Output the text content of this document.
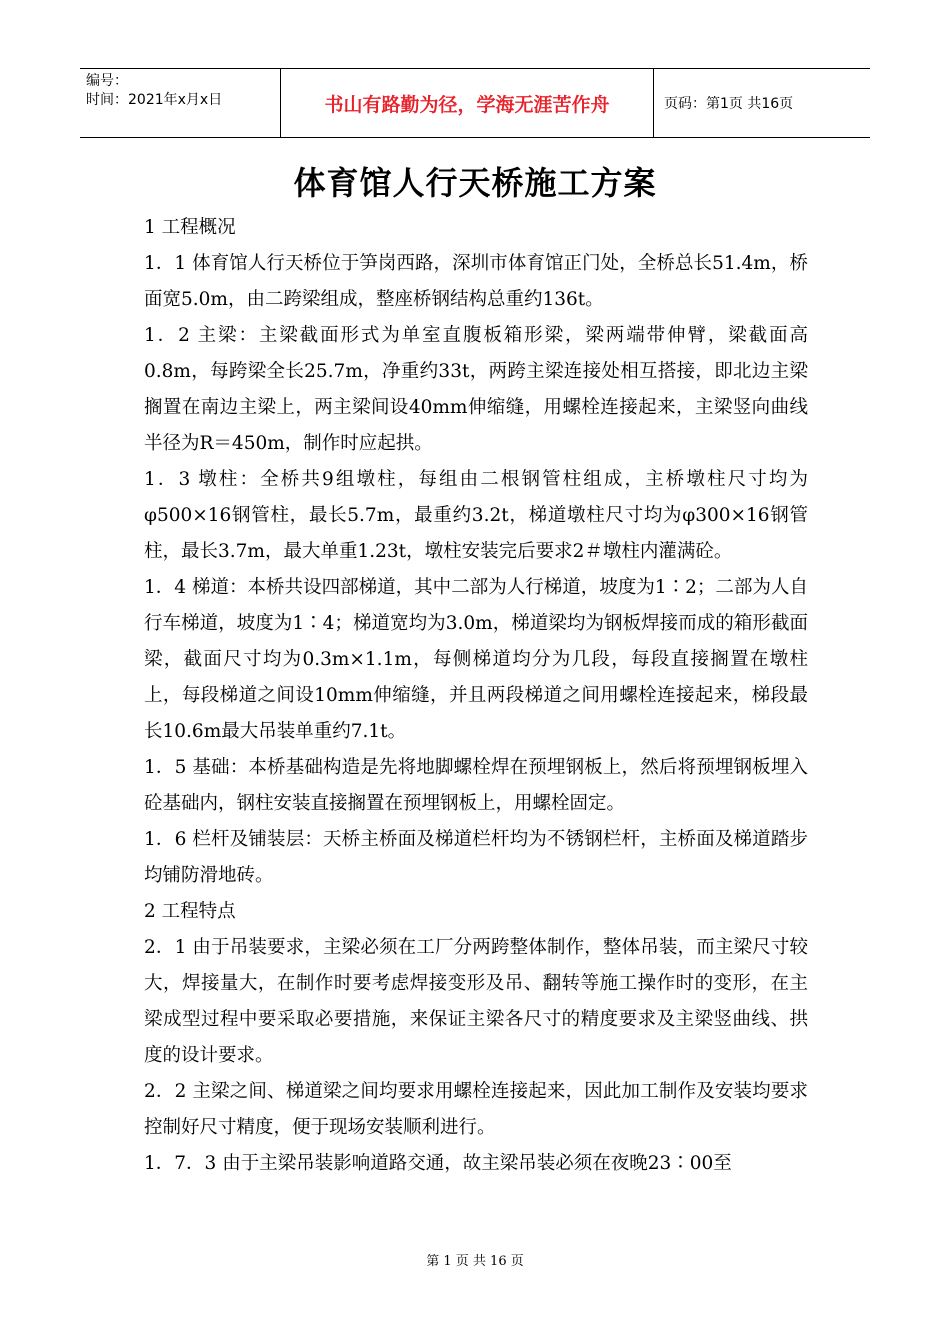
编号：
时间：2021年x月x日	书山有路勤为径，学海无涯苦作舟	页码：第1页 共16页
体育馆人行天桥施工方案

1 工程概况

1．1 体育馆人行天桥位于笋岗西路，深圳市体育馆正门处，全桥总长51.4m，桥面宽5.0m，由二跨梁组成，整座桥钢结构总重约136t。

1．2 主梁：主梁截面形式为单室直腹板箱形梁，梁两端带伸臂，梁截面高0.8m，每跨梁全长25.7m，净重约33t，两跨主梁连接处相互搭接，即北边主梁搁置在南边主梁上，两主梁间设40mm伸缩缝，用螺栓连接起来，主梁竖向曲线半径为R＝450m，制作时应起拱。

1．3 墩柱：全桥共9组墩柱，每组由二根钢管柱组成，主桥墩柱尺寸均为φ500×16钢管柱，最长5.7m，最重约3.2t，梯道墩柱尺寸均为φ300×16钢管柱，最长3.7m，最大单重1.23t，墩柱安装完后要求2＃墩柱内灌满砼。

1．4 梯道：本桥共设四部梯道，其中二部为人行梯道，坡度为1∶2；二部为人自行车梯道，坡度为1∶4；梯道宽均为3.0m，梯道梁均为钢板焊接而成的箱形截面梁，截面尺寸均为0.3m×1.1m，每侧梯道均分为几段，每段直接搁置在墩柱上，每段梯道之间设10mm伸缩缝，并且两段梯道之间用螺栓连接起来，梯段最长10.6m最大吊装单重约7.1t。

1．5 基础：本桥基础构造是先将地脚螺栓焊在预埋钢板上，然后将预埋钢板埋入砼基础内，钢柱安装直接搁置在预埋钢板上，用螺栓固定。

1．6 栏杆及铺装层：天桥主桥面及梯道栏杆均为不锈钢栏杆，主桥面及梯道踏步均铺防滑地砖。

2 工程特点

2．1 由于吊装要求，主梁必须在工厂分两跨整体制作，整体吊装，而主梁尺寸较大，焊接量大，在制作时要考虑焊接变形及吊、翻转等施工操作时的变形，在主梁成型过程中要采取必要措施，来保证主梁各尺寸的精度要求及主梁竖曲线、拱度的设计要求。

2．2 主梁之间、梯道梁之间均要求用螺栓连接起来，因此加工制作及安装均要求控制好尺寸精度，便于现场安装顺利进行。

1．7．3 由于主梁吊装影响道路交通，故主梁吊装必须在夜晚23∶00至

第 1 页 共 16 页
